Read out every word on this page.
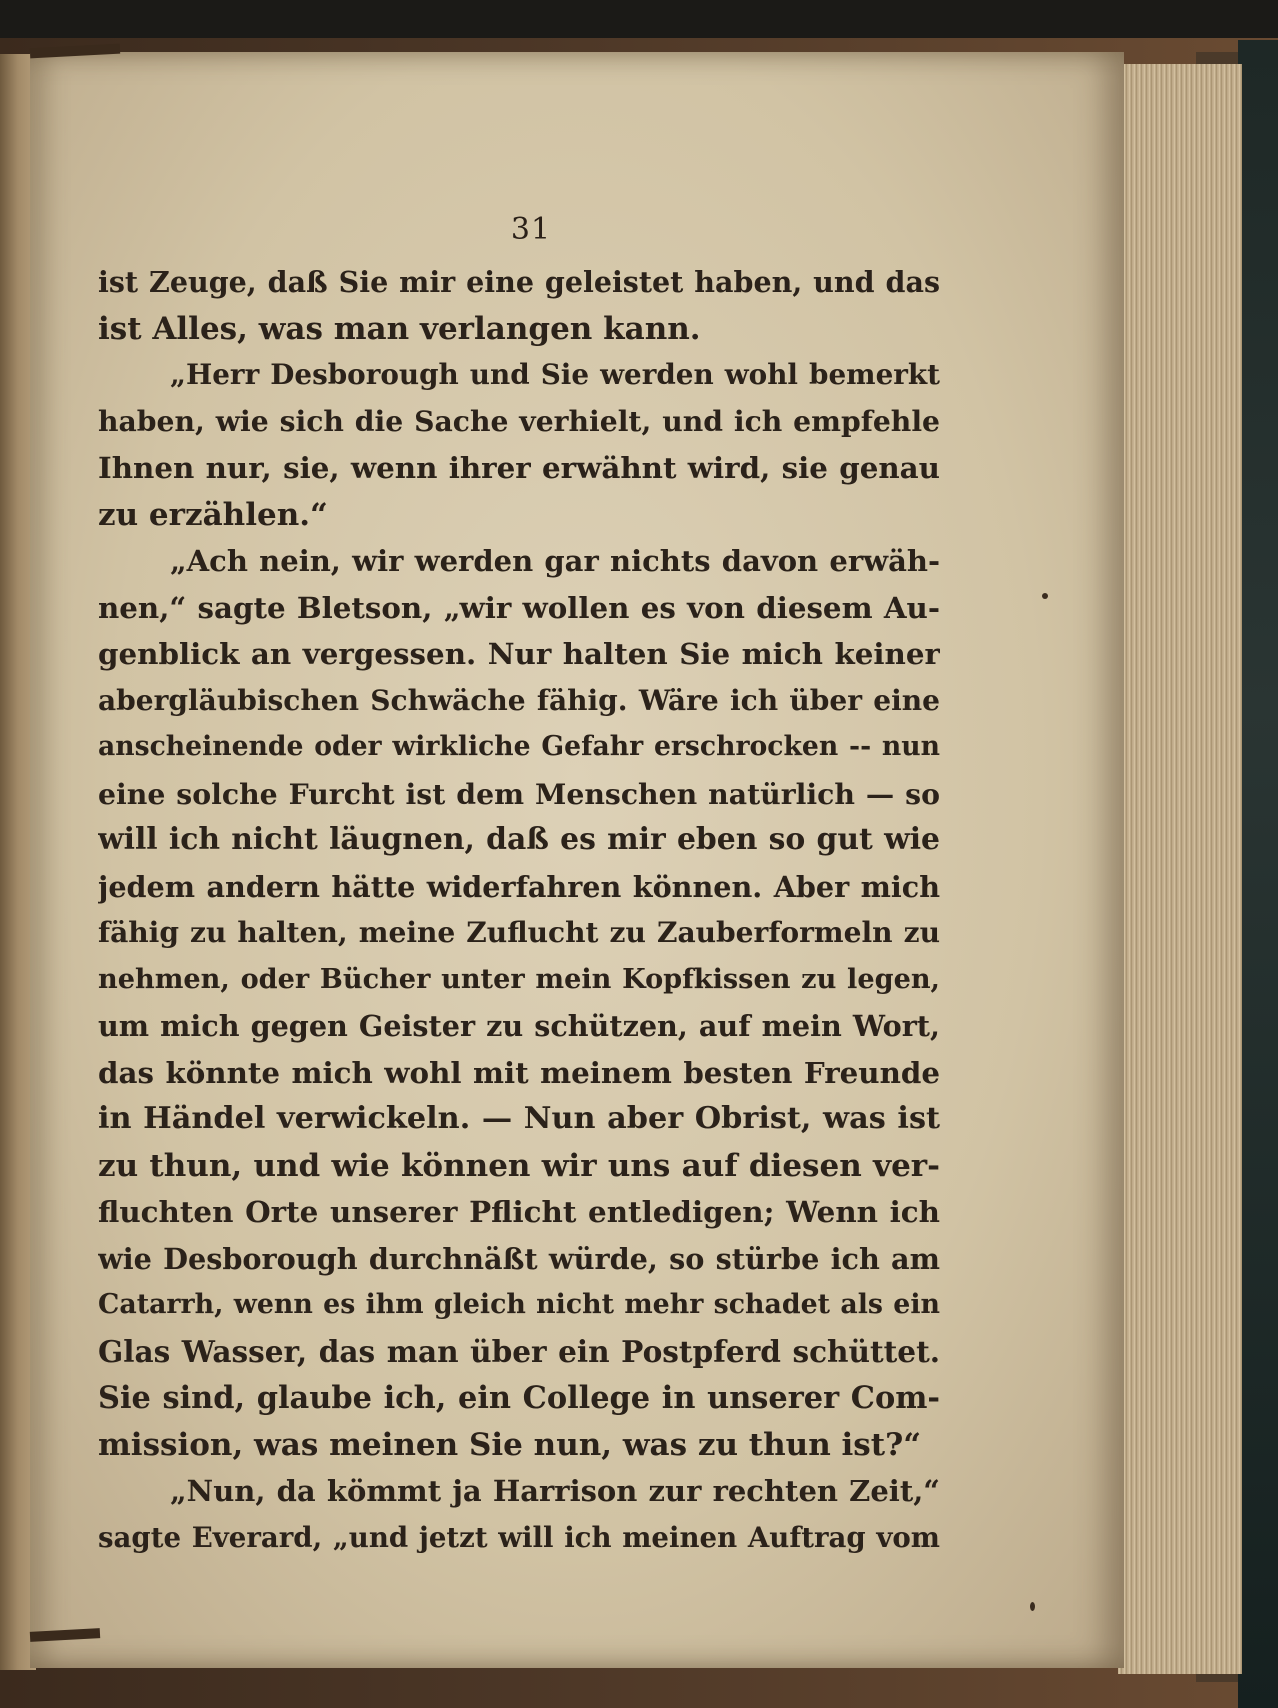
31
ist Zeuge, daß Sie mir eine geleistet haben, und das
ist Alles, was man verlangen kann.
„Herr Desborough und Sie werden wohl bemerkt
haben, wie sich die Sache verhielt, und ich empfehle
Ihnen nur, sie, wenn ihrer erwähnt wird, sie genau
zu erzählen.“
„Ach nein, wir werden gar nichts davon erwäh-
nen,“ sagte Bletson, „wir wollen es von diesem Au-
genblick an vergessen. Nur halten Sie mich keiner
abergläubischen Schwäche fähig. Wäre ich über eine
anscheinende oder wirkliche Gefahr erschrocken -- nun
eine solche Furcht ist dem Menschen natürlich — so
will ich nicht läugnen, daß es mir eben so gut wie
jedem andern hätte widerfahren können. Aber mich
fähig zu halten, meine Zuflucht zu Zauberformeln zu
nehmen, oder Bücher unter mein Kopfkissen zu legen,
um mich gegen Geister zu schützen, auf mein Wort,
das könnte mich wohl mit meinem besten Freunde
in Händel verwickeln. — Nun aber Obrist, was ist
zu thun, und wie können wir uns auf diesen ver-
fluchten Orte unserer Pflicht entledigen; Wenn ich
wie Desborough durchnäßt würde, so stürbe ich am
Catarrh, wenn es ihm gleich nicht mehr schadet als ein
Glas Wasser, das man über ein Postpferd schüttet.
Sie sind, glaube ich, ein College in unserer Com-
mission, was meinen Sie nun, was zu thun ist?“
„Nun, da kömmt ja Harrison zur rechten Zeit,“
sagte Everard, „und jetzt will ich meinen Auftrag vom
